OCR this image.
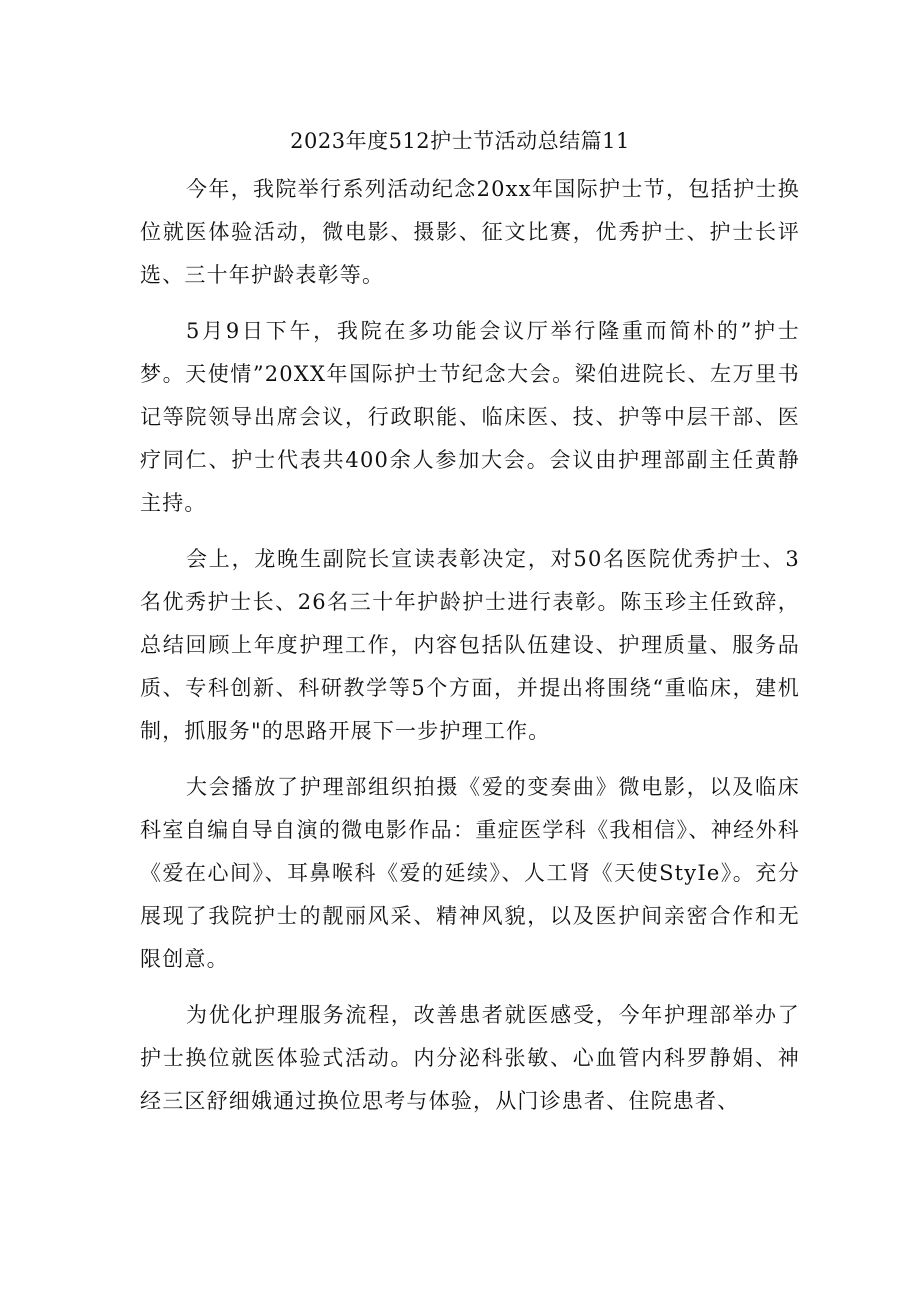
2023年度512护士节活动总结篇11

今年，我院举行系列活动纪念20xx年国际护士节，包括护士换位就医体验活动，微电影、摄影、征文比赛，优秀护士、护士长评选、三十年护龄表彰等。

5月9日下午，我院在多功能会议厅举行隆重而简朴的”护士梦。天使情”20XX年国际护士节纪念大会。梁伯进院长、左万里书记等院领导出席会议，行政职能、临床医、技、护等中层干部、医疗同仁、护士代表共400余人参加大会。会议由护理部副主任黄静主持。

会上，龙晚生副院长宣读表彰决定，对50名医院优秀护士、3名优秀护士长、26名三十年护龄护士进行表彰。陈玉珍主任致辞，总结回顾上年度护理工作，内容包括队伍建设、护理质量、服务品质、专科创新、科研教学等5个方面，并提出将围绕“重临床，建机制，抓服务"的思路开展下一步护理工作。

大会播放了护理部组织拍摄《爱的变奏曲》微电影，以及临床科室自编自导自演的微电影作品：重症医学科《我相信》、神经外科《爱在心间》、耳鼻喉科《爱的延续》、人工肾《天使StyIe》。充分展现了我院护士的靓丽风采、精神风貌，以及医护间亲密合作和无限创意。

为优化护理服务流程，改善患者就医感受，今年护理部举办了护士换位就医体验式活动。内分泌科张敏、心血管内科罗静娟、神经三区舒细娥通过换位思考与体验，从门诊患者、住院患者、
